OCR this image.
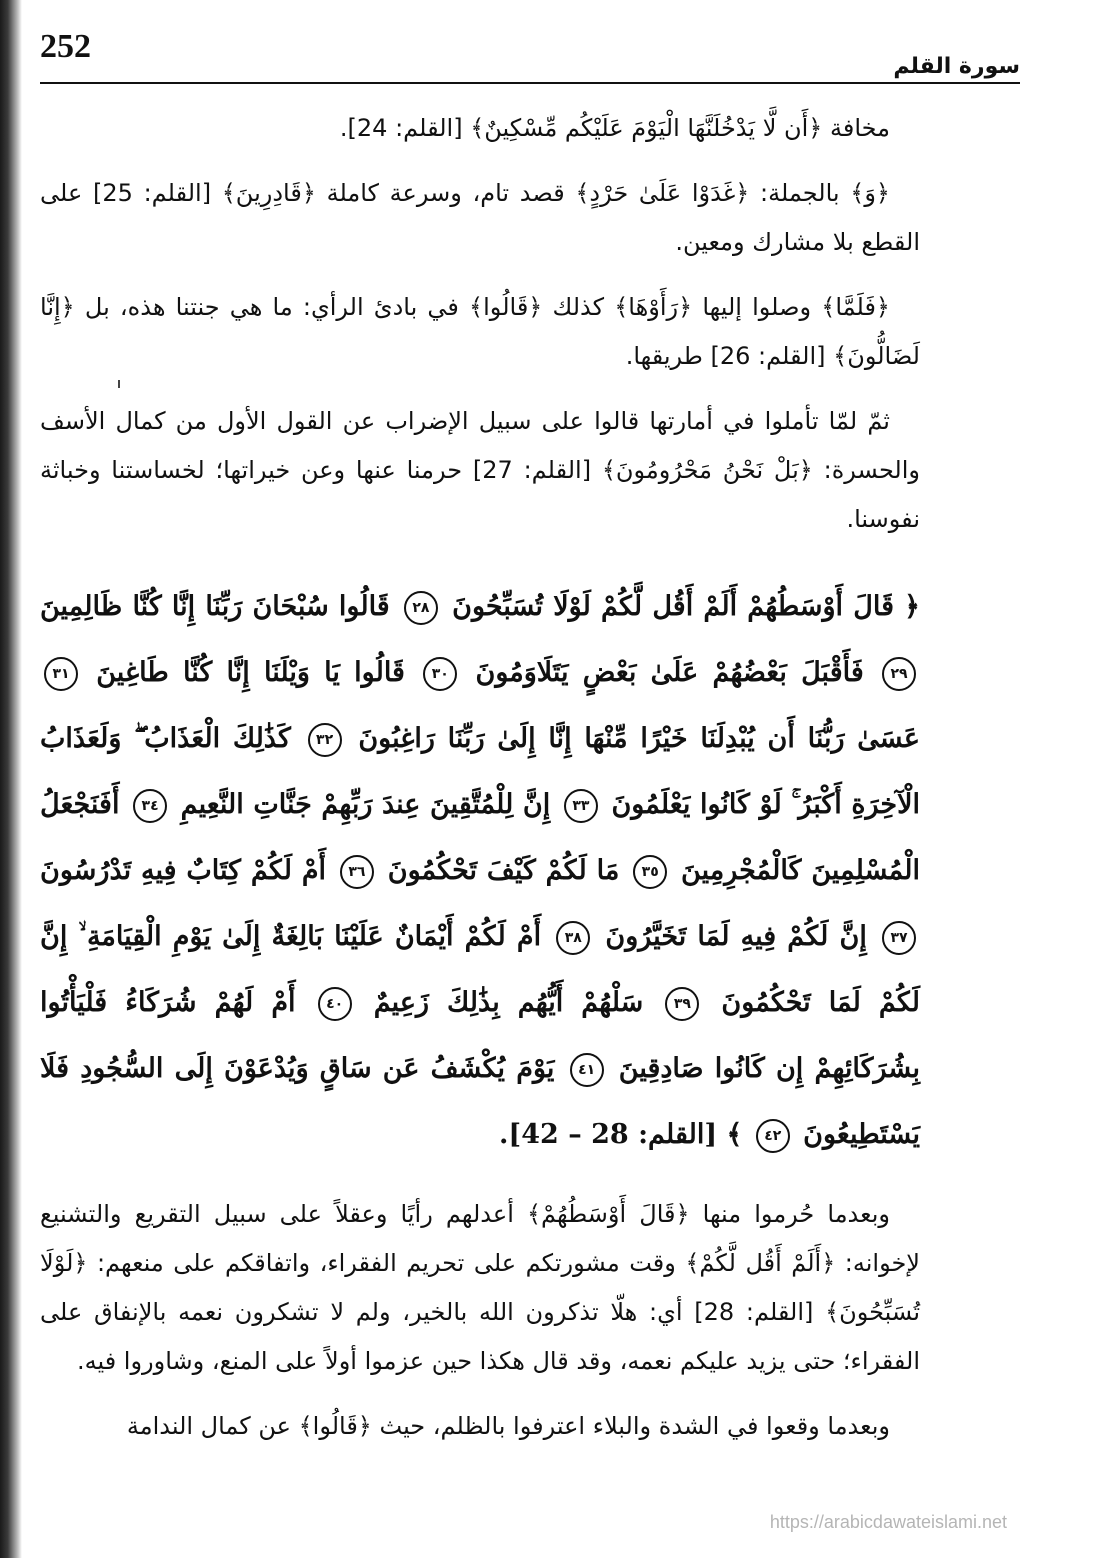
252
سورة القلم

مخافة ﴿أَن لَّا يَدْخُلَنَّهَا الْيَوْمَ عَلَيْكُم مِّسْكِينٌ﴾ [القلم: 24].

﴿وَ﴾ بالجملة: ﴿غَدَوْا عَلَىٰ حَرْدٍ﴾ قصد تام، وسرعة كاملة ﴿قَادِرِينَ﴾ [القلم: 25] على القطع بلا مشارك ومعين.

﴿فَلَمَّا﴾ وصلوا إليها ﴿رَأَوْهَا﴾ كذلك ﴿قَالُوا﴾ في بادئ الرأي: ما هي جنتنا هذه، بل ﴿إِنَّا لَضَالُّونَ﴾ [القلم: 26] طريقها.

ثمّ لمّا تأملوا في أمارتها قالوا على سبيل الإضراب عن القول الأول من كمال الأسف والحسرة: ﴿بَلْ نَحْنُ مَحْرُومُونَ﴾ [القلم: 27] حرمنا عنها وعن خيراتها؛ لخساستنا وخباثة نفوسنا.

﴿ قَالَ أَوْسَطُهُمْ أَلَمْ أَقُل لَّكُمْ لَوْلَا تُسَبِّحُونَ ٢٨ قَالُوا سُبْحَانَ رَبِّنَا إِنَّا كُنَّا ظَالِمِينَ ٢٩ فَأَقْبَلَ بَعْضُهُمْ عَلَىٰ بَعْضٍ يَتَلَاوَمُونَ ٣٠ قَالُوا يَا وَيْلَنَا إِنَّا كُنَّا طَاغِينَ ٣١ عَسَىٰ رَبُّنَا أَن يُبْدِلَنَا خَيْرًا مِّنْهَا إِنَّا إِلَىٰ رَبِّنَا رَاغِبُونَ ٣٢ كَذَٰلِكَ الْعَذَابُ ۖ وَلَعَذَابُ الْآخِرَةِ أَكْبَرُ ۚ لَوْ كَانُوا يَعْلَمُونَ ٣٣ إِنَّ لِلْمُتَّقِينَ عِندَ رَبِّهِمْ جَنَّاتِ النَّعِيمِ ٣٤ أَفَنَجْعَلُ الْمُسْلِمِينَ كَالْمُجْرِمِينَ ٣٥ مَا لَكُمْ كَيْفَ تَحْكُمُونَ ٣٦ أَمْ لَكُمْ كِتَابٌ فِيهِ تَدْرُسُونَ ٣٧ إِنَّ لَكُمْ فِيهِ لَمَا تَخَيَّرُونَ ٣٨ أَمْ لَكُمْ أَيْمَانٌ عَلَيْنَا بَالِغَةٌ إِلَىٰ يَوْمِ الْقِيَامَةِ ۙ إِنَّ لَكُمْ لَمَا تَحْكُمُونَ ٣٩ سَلْهُمْ أَيُّهُم بِذَٰلِكَ زَعِيمٌ ٤٠ أَمْ لَهُمْ شُرَكَاءُ فَلْيَأْتُوا بِشُرَكَائِهِمْ إِن كَانُوا صَادِقِينَ ٤١ يَوْمَ يُكْشَفُ عَن سَاقٍ وَيُدْعَوْنَ إِلَى السُّجُودِ فَلَا يَسْتَطِيعُونَ ٤٢ ﴾ [القلم: 28 – 42].

وبعدما حُرموا منها ﴿قَالَ أَوْسَطُهُمْ﴾ أعدلهم رأيًا وعقلاً على سبيل التقريع والتشنيع لإخوانه: ﴿أَلَمْ أَقُل لَّكُمْ﴾ وقت مشورتكم على تحريم الفقراء، واتفاقكم على منعهم: ﴿لَوْلَا تُسَبِّحُونَ﴾ [القلم: 28] أي: هلّا تذكرون الله بالخير، ولم لا تشكرون نعمه بالإنفاق على الفقراء؛ حتى يزيد عليكم نعمه، وقد قال هكذا حين عزموا أولاً على المنع، وشاوروا فيه.

وبعدما وقعوا في الشدة والبلاء اعترفوا بالظلم، حيث ﴿قَالُوا﴾ عن كمال الندامة

https://arabicdawateislami.net
